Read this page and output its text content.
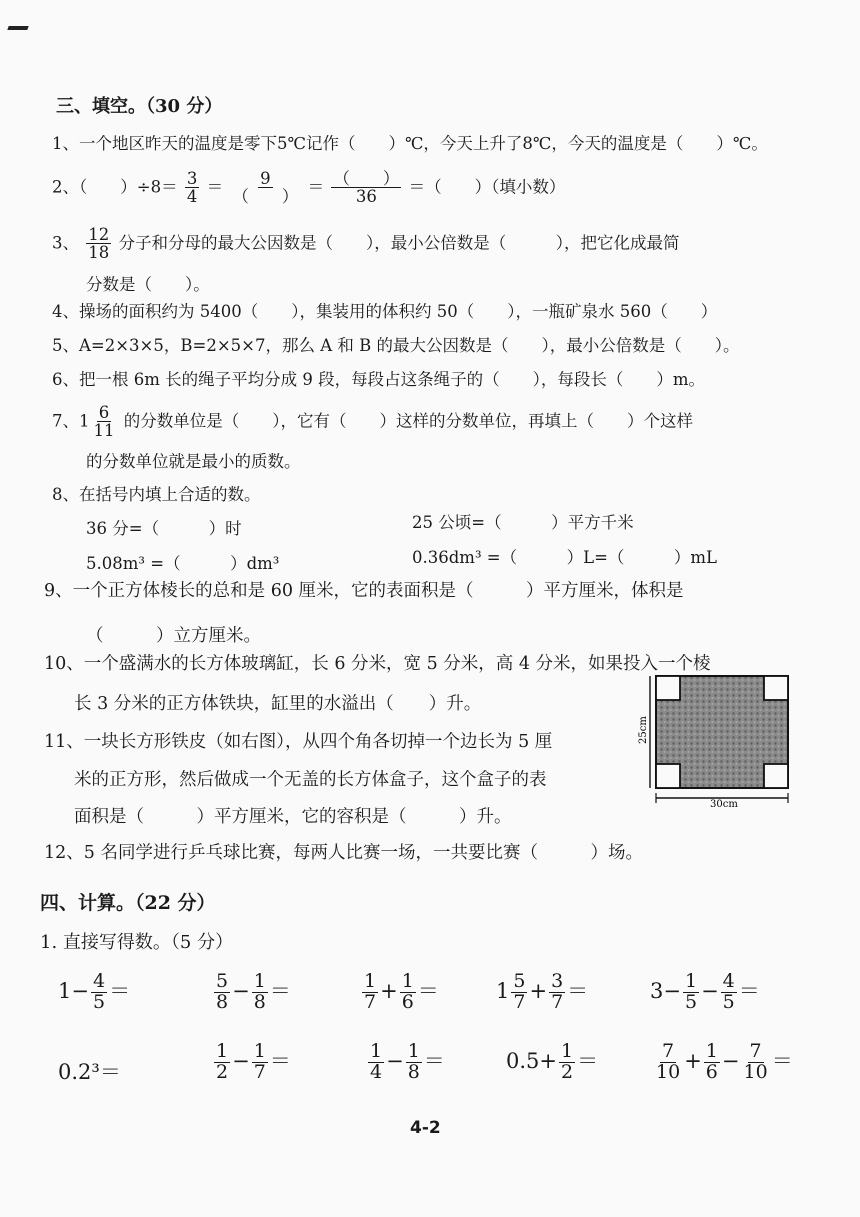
三、填空。（30 分）
1、一个地区昨天的温度是零下5℃记作（　　）℃，今天上升了8℃，今天的温度是（　　）℃。
2、（　　）$\div 8= \frac{3}{4} = \frac{9}{( )} = \frac{( )}{36}$ ＝（　　）（填小数）
3、 $\frac{12}{18}$ 分子和分母的最大公因数是（　　），最小公倍数是（　　　），把它化成最简
分数是（　　）。
4、操场的面积约为 5400（　　），集装用的体积约 50（　　），一瓶矿泉水 560（　　）
5、A=2×3×5，B=2×5×7，那么 A 和 B 的最大公因数是（　　），最小公倍数是（　　）。
6、把一根 6m 长的绳子平均分成 9 段，每段占这条绳子的（　　），每段长（　　）m。
7、$1 \frac{6}{11}$ 的分数单位是（　　），它有（　　）这样的分数单位，再填上（　　）个这样
的分数单位就是最小的质数。
8、在括号内填上合适的数。
36 分=（　　　）时	25 公顷=（　　　）平方千米
5.08m³ =（　　　）dm³	0.36dm³ =（　　　）L=（　　　）mL
9、一个正方体棱长的总和是 60 厘米，它的表面积是（　　　）平方厘米，体积是
（　　　）立方厘米。
10、一个盛满水的长方体玻璃缸，长 6 分米，宽 5 分米，高 4 分米，如果投入一个棱
长 3 分米的正方体铁块，缸里的水溢出（　　）升。
11、一块长方形铁皮（如右图），从四个角各切掉一个边长为 5 厘
米的正方形，然后做成一个无盖的长方体盒子，这个盒子的表
面积是（　　　）平方厘米，它的容积是（　　　）升。
30cm
25cm
12、5 名同学进行乒乓球比赛，每两人比赛一场，一共要比赛（　　　）场。
四、计算。（22 分）
1. 直接写得数。（5 分）
$1- \frac{4}{5}$ ＝	$\frac{5}{8} - \frac{1}{8}$ ＝	$\frac{1}{7} + \frac{1}{6}$ ＝	$1 \frac{5}{7} + \frac{3}{7}$ ＝	$3- \frac{1}{5} - \frac{4}{5}$ ＝
0.2³＝	$\frac{1}{2} - \frac{1}{7}$ ＝	$\frac{1}{4} - \frac{1}{8}$ ＝	$0.5+ \frac{1}{2}$ ＝	$\frac{7}{10} + \frac{1}{6} - \frac{7}{10}$ ＝
4-2
